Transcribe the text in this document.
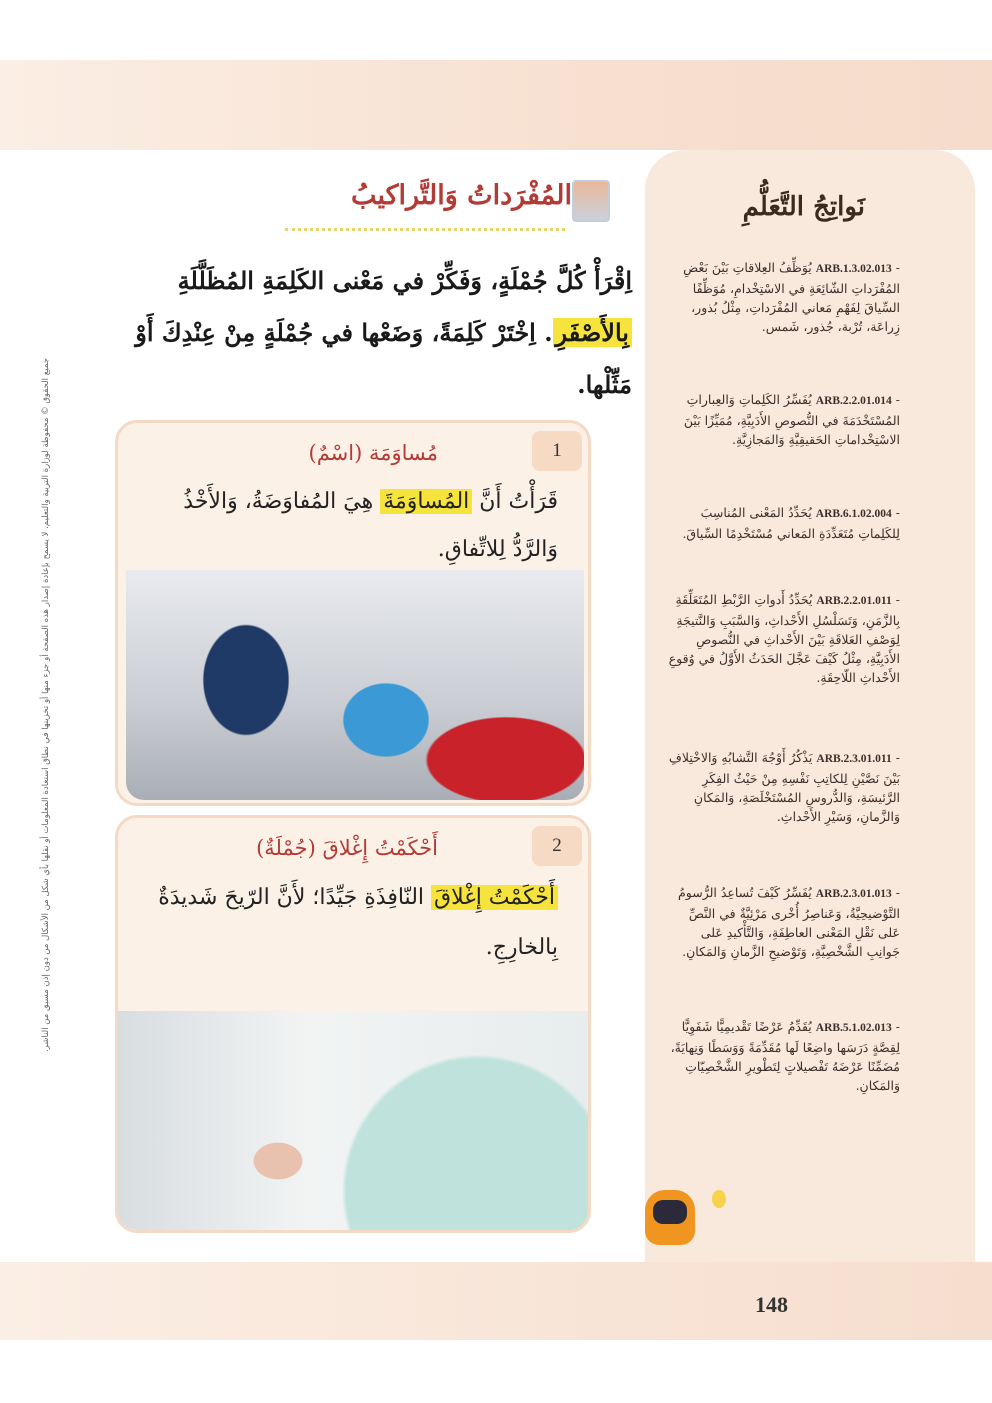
نَواتِجُ التَّعَلُّمِ
- ARB.1.3.02.013 يُوَظِّفُ العِلاقاتِ بَيْنَ بَعْضِ المُفْرَداتِ الشّائِعَةِ في الاسْتِخْدامِ، مُوَظِّفًا السِّياقَ لِفَهْمِ مَعاني المُفْرَداتِ، مِثْلُ بُذور، زِراعَة، تُرْبة، جُذور، شَمس.
- ARB.2.2.01.014 يُفَسِّرُ الكَلِماتِ وَالعِباراتِ المُسْتَخْدَمَةَ في النُّصوصِ الأَدَبِيَّةِ، مُمَيِّزًا بَيْنَ الاسْتِخْداماتِ الحَقيقِيَّةِ وَالمَجازِيَّةِ.
- ARB.6.1.02.004 يُحَدِّدُ المَعْنى المُناسِبَ لِلكَلِماتِ مُتَعَدِّدَةِ المَعاني مُسْتَخْدِمًا السِّياقَ.
- ARB.2.2.01.011 يُحَدِّدُ أَدواتِ الرَّبْطِ المُتَعَلِّقَةِ بِالزَّمَنِ، وَتَسَلْسُلِ الأَحْداثِ، وَالسَّبَبِ وَالنَّتيجَةِ لِوَصْفِ العَلاقَةِ بَيْنَ الأَحْداثِ في النُّصوصِ الأَدَبِيَّةِ، مِثْلُ كَيْفَ عَجَّلَ الحَدَثُ الأَوَّلُ في وُقوعِ الأَحْداثِ اللّاحِقَةِ.
- ARB.2.3.01.011 يَذْكُرُ أَوْجُهَ التَّشابُهِ وَالاخْتِلافِ بَيْنَ نَصَّيْنِ لِلكاتِبِ نَفْسِهِ مِنْ حَيْثُ الفِكَرِ الرَّئيسَةِ، وَالدُّروسِ المُسْتَخْلَصَةِ، وَالمَكانِ وَالزَّمانِ، وَسَيْرِ الأَحْداثِ.
- ARB.2.3.01.013 يُفَسِّرُ كَيْفَ تُساعِدُ الرُّسومُ التَّوْضيحِيَّةُ، وَعَناصِرُ أُخْرى مَرْئِيَّةٌ في النَّصِّ عَلى نَقْلِ المَعْنى العاطِفَةِ، وَالتَّأْكيدِ عَلى جَوانِبِ الشَّخْصِيَّةِ، وَتَوْضيحِ الزَّمانِ وَالمَكانِ.
- ARB.5.1.02.013 يُقَدِّمُ عَرْضًا تَقْديمِيًّا شَفَوِيًّا لِقِصَّةٍ دَرَسَها واضِعًا لَها مُقَدِّمَةً وَوَسَطًا وَنِهايَةً، مُضَمِّنًا عَرْضَهُ تَفْصيلاتٍ لِتَطْويرِ الشَّخْصِيّاتِ وَالمَكانِ.
المُفْرَداتُ وَالتَّراكيبُ
اِقْرَأْ كُلَّ جُمْلَةٍ، وَفَكِّرْ في مَعْنى الكَلِمَةِ المُظَلَّلَةِ بِالأَصْفَرِ. اِخْتَرْ كَلِمَةً، وَضَعْها في جُمْلَةٍ مِنْ عِنْدِكَ أَوْ مَثِّلْها.
1
مُساوَمَة (اسْمٌ)
قَرَأْتُ أَنَّ المُساوَمَةَ هِيَ المُفاوَضَةُ، وَالأَخْذُ وَالرَّدُّ لِلاتِّفاقِ.
2
أَحْكَمْتُ إِغْلاقَ (جُمْلَةٌ)
أَحْكَمْتُ إِغْلاقَ النّافِذَةِ جَيِّدًا؛ لأَنَّ الرّيحَ شَديدَةٌ بِالخارِجِ.
جميع الحقوق © محفوظة لوزارة التربية والتعليم. لا يسمح بإعادة إصدار هذه الصفحة أو جزء منها أو تخزينها في نطاق استعادة المعلومات أو نقلها بأي شكل من الأشكال من دون إذن مسبق من الناشر.
148
